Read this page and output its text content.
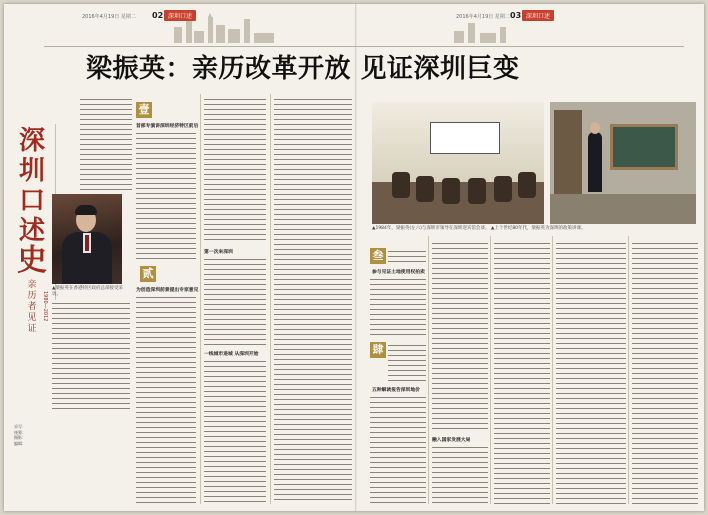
2016年4月19日 星期二 02 深圳口述	2016年4月19日 星期二 03 深圳口述
梁振英：亲历改革开放 见证深圳巨变
深
圳
口
述
史
亲
历
者
见
证
1980—2012
▲梁振英在香港特区政府总部接受采访。
▲1984年，梁振英(左六)与深圳市领导在深圳迎宾馆会谈。 ▲上个世纪80年代，梁振英为深圳的政策讲课。
壹
贰
叁
肆
首部专演讲深圳经济特区前后
为创造深圳前景提出专家意见
第一次来深圳
一线城市进城 从深圳开始
参与见证土地使用权拍卖
五种解读报告深圳地价
融入国家发展大局
采写：
统筹：
摄影：
编辑：
